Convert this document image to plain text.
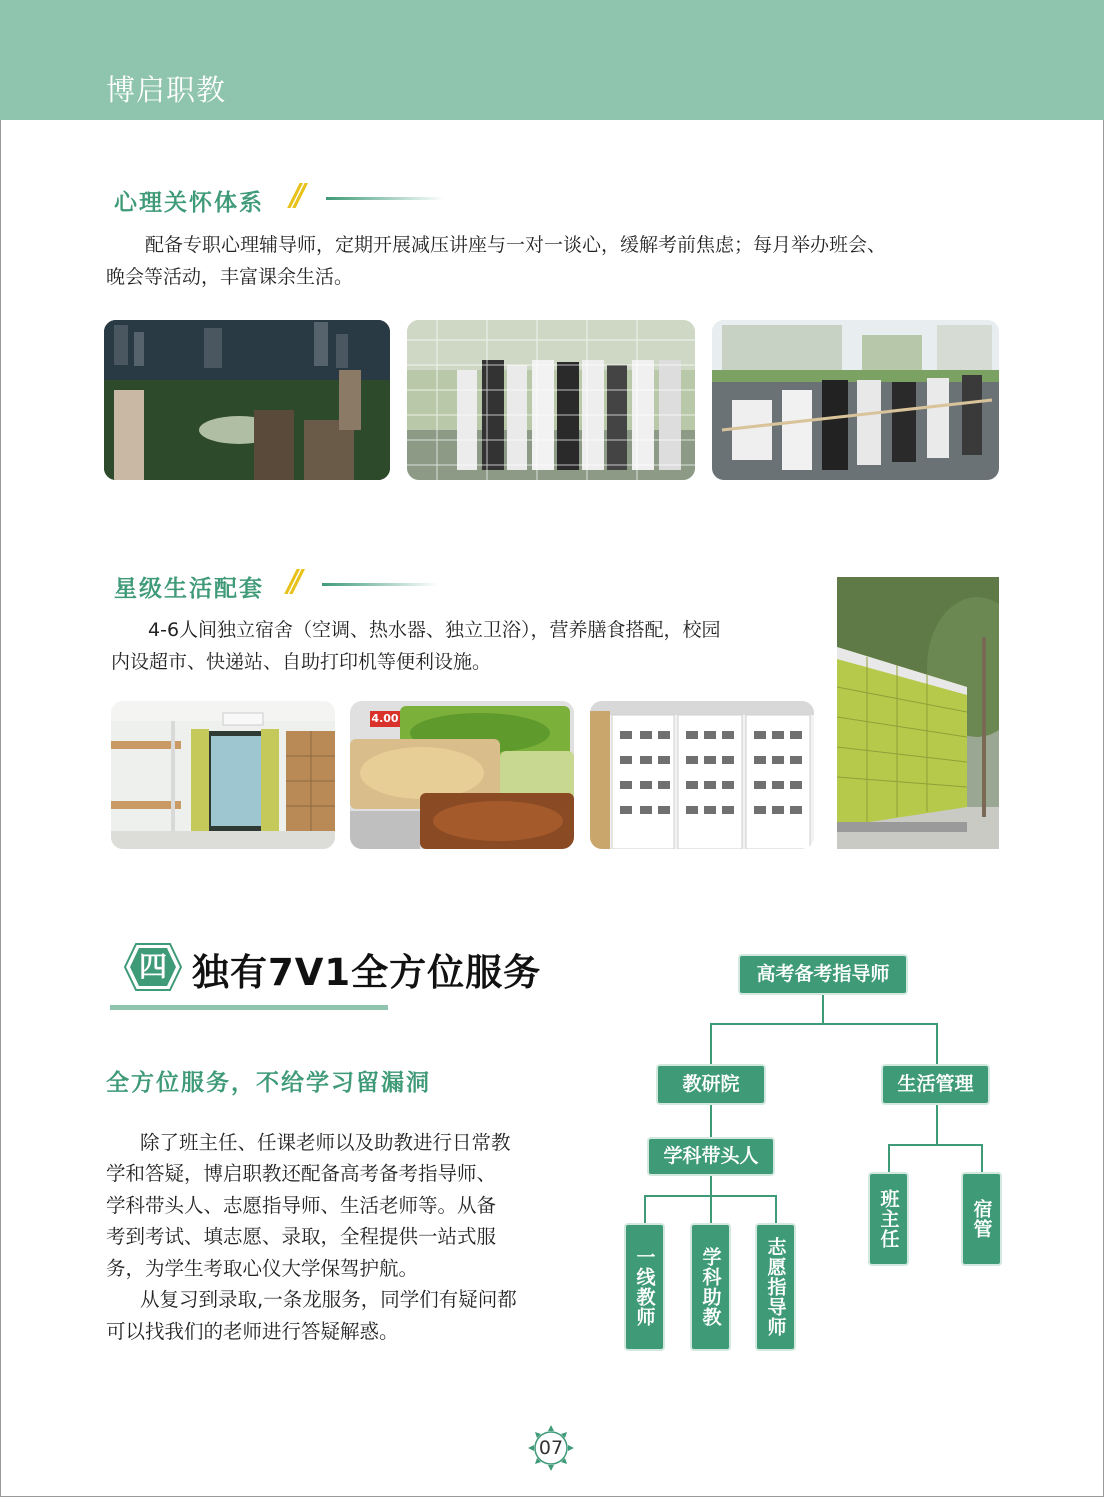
博启职教
心理关怀体系 //
配备专职心理辅导师，定期开展减压讲座与一对一谈心，缓解考前焦虑；每月举办班会、
晚会等活动，丰富课余生活。
星级生活配套 //
4-6人间独立宿舍（空调、热水器、独立卫浴），营养膳食搭配，校园
内设超市、快递站、自助打印机等便利设施。
4.00
四 独有7V1全方位服务
全方位服务，不给学习留漏洞
除了班主任、任课老师以及助教进行日常教
学和答疑，博启职教还配备高考备考指导师、
学科带头人、志愿指导师、生活老师等。从备
考到考试、填志愿、录取，全程提供一站式服
务，为学生考取心仪大学保驾护航。
从复习到录取,一条龙服务，同学们有疑问都
可以找我们的老师进行答疑解惑。
高考备考指导师
教研院	生活管理
学科带头人
一线教师	学科助教	志愿指导师
班主任	宿管
07
